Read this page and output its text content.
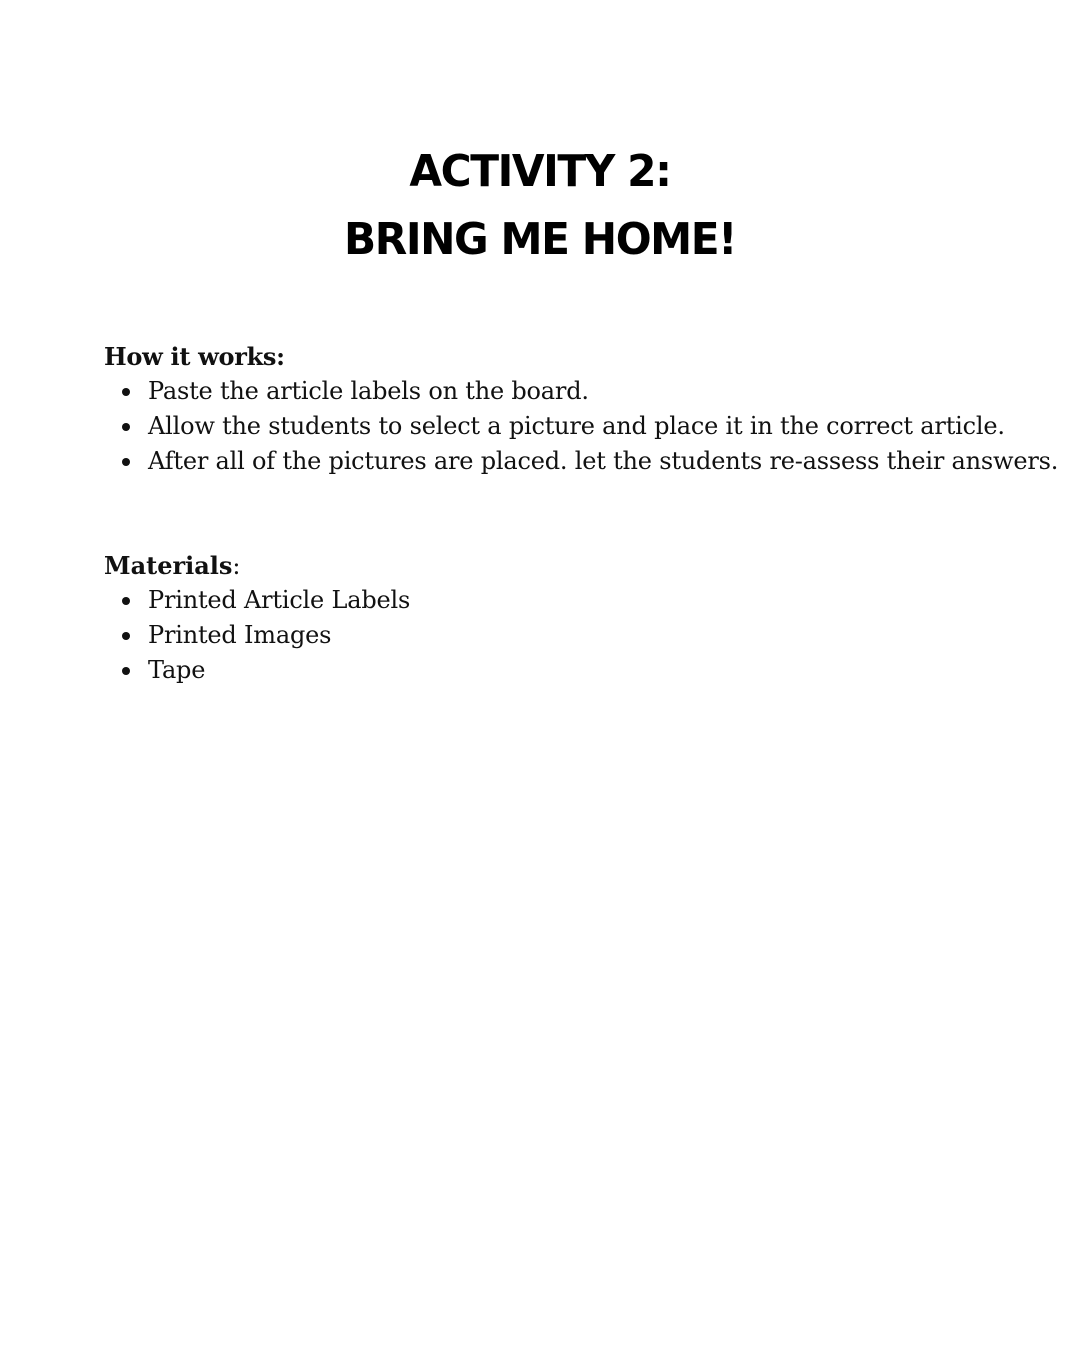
ACTIVITY 2:

BRING ME HOME!

How it works:

Paste the article labels on the board.
Allow the students to select a picture and place it in the correct article.
After all of the pictures are placed. let the students re-assess their answers.

Materials:

Printed Article Labels
Printed Images
Tape
